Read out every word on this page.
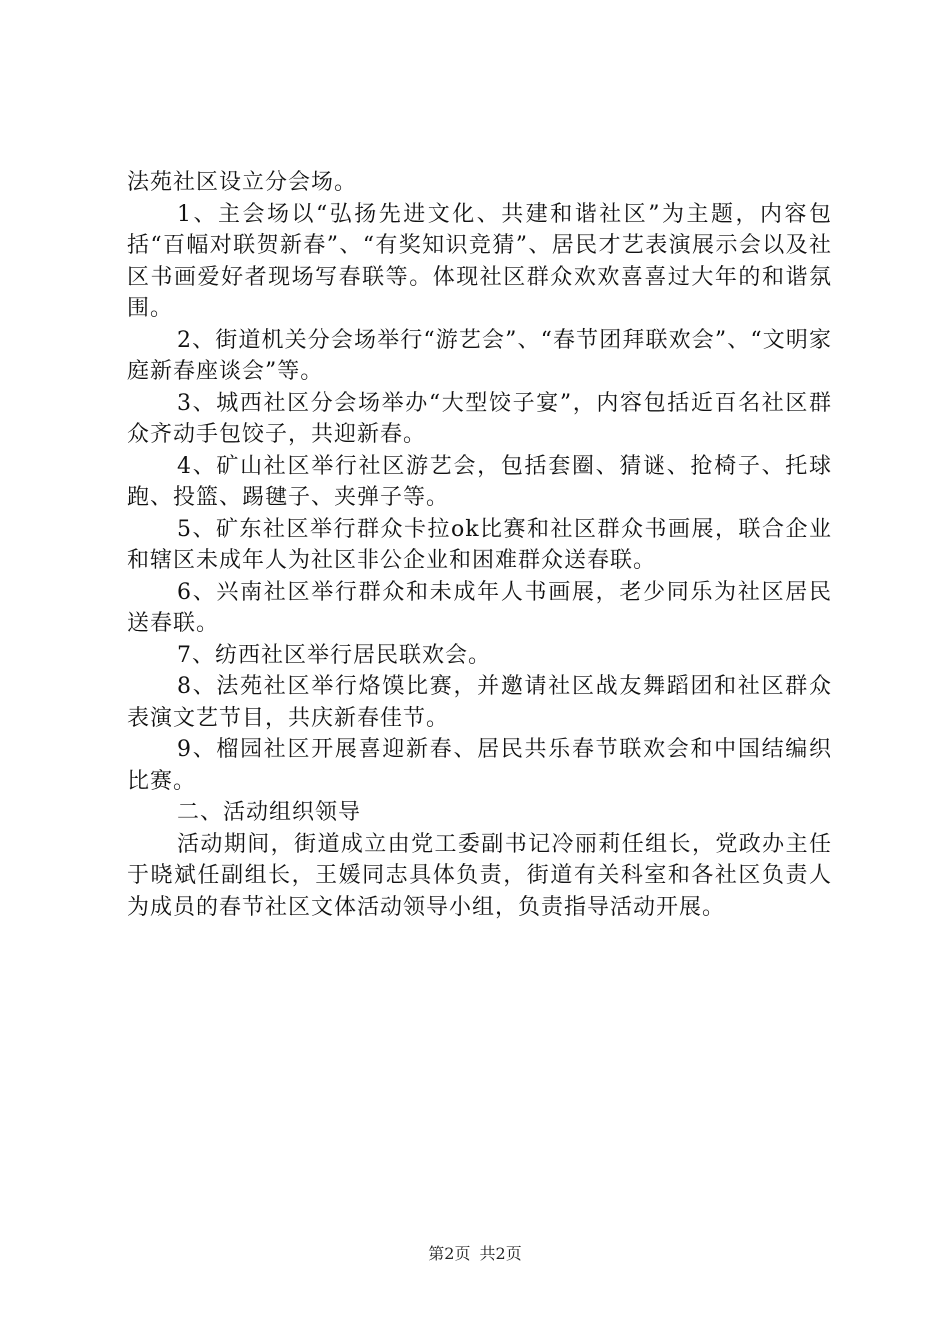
法苑社区设立分会场。

1、主会场以“弘扬先进文化、共建和谐社区”为主题，内容包括“百幅对联贺新春”、“有奖知识竞猜”、居民才艺表演展示会以及社区书画爱好者现场写春联等。体现社区群众欢欢喜喜过大年的和谐氛围。

2、街道机关分会场举行“游艺会”、“春节团拜联欢会”、“文明家庭新春座谈会”等。

3、城西社区分会场举办“大型饺子宴”，内容包括近百名社区群众齐动手包饺子，共迎新春。

4、矿山社区举行社区游艺会，包括套圈、猜谜、抢椅子、托球跑、投篮、踢毽子、夹弹子等。

5、矿东社区举行群众卡拉ok比赛和社区群众书画展，联合企业和辖区未成年人为社区非公企业和困难群众送春联。

6、兴南社区举行群众和未成年人书画展，老少同乐为社区居民送春联。

7、纺西社区举行居民联欢会。

8、法苑社区举行烙馍比赛，并邀请社区战友舞蹈团和社区群众表演文艺节目，共庆新春佳节。

9、榴园社区开展喜迎新春、居民共乐春节联欢会和中国结编织比赛。

二、活动组织领导

活动期间，街道成立由党工委副书记冷丽莉任组长，党政办主任于晓斌任副组长，王媛同志具体负责，街道有关科室和各社区负责人为成员的春节社区文体活动领导小组，负责指导活动开展。

第2页 共2页
